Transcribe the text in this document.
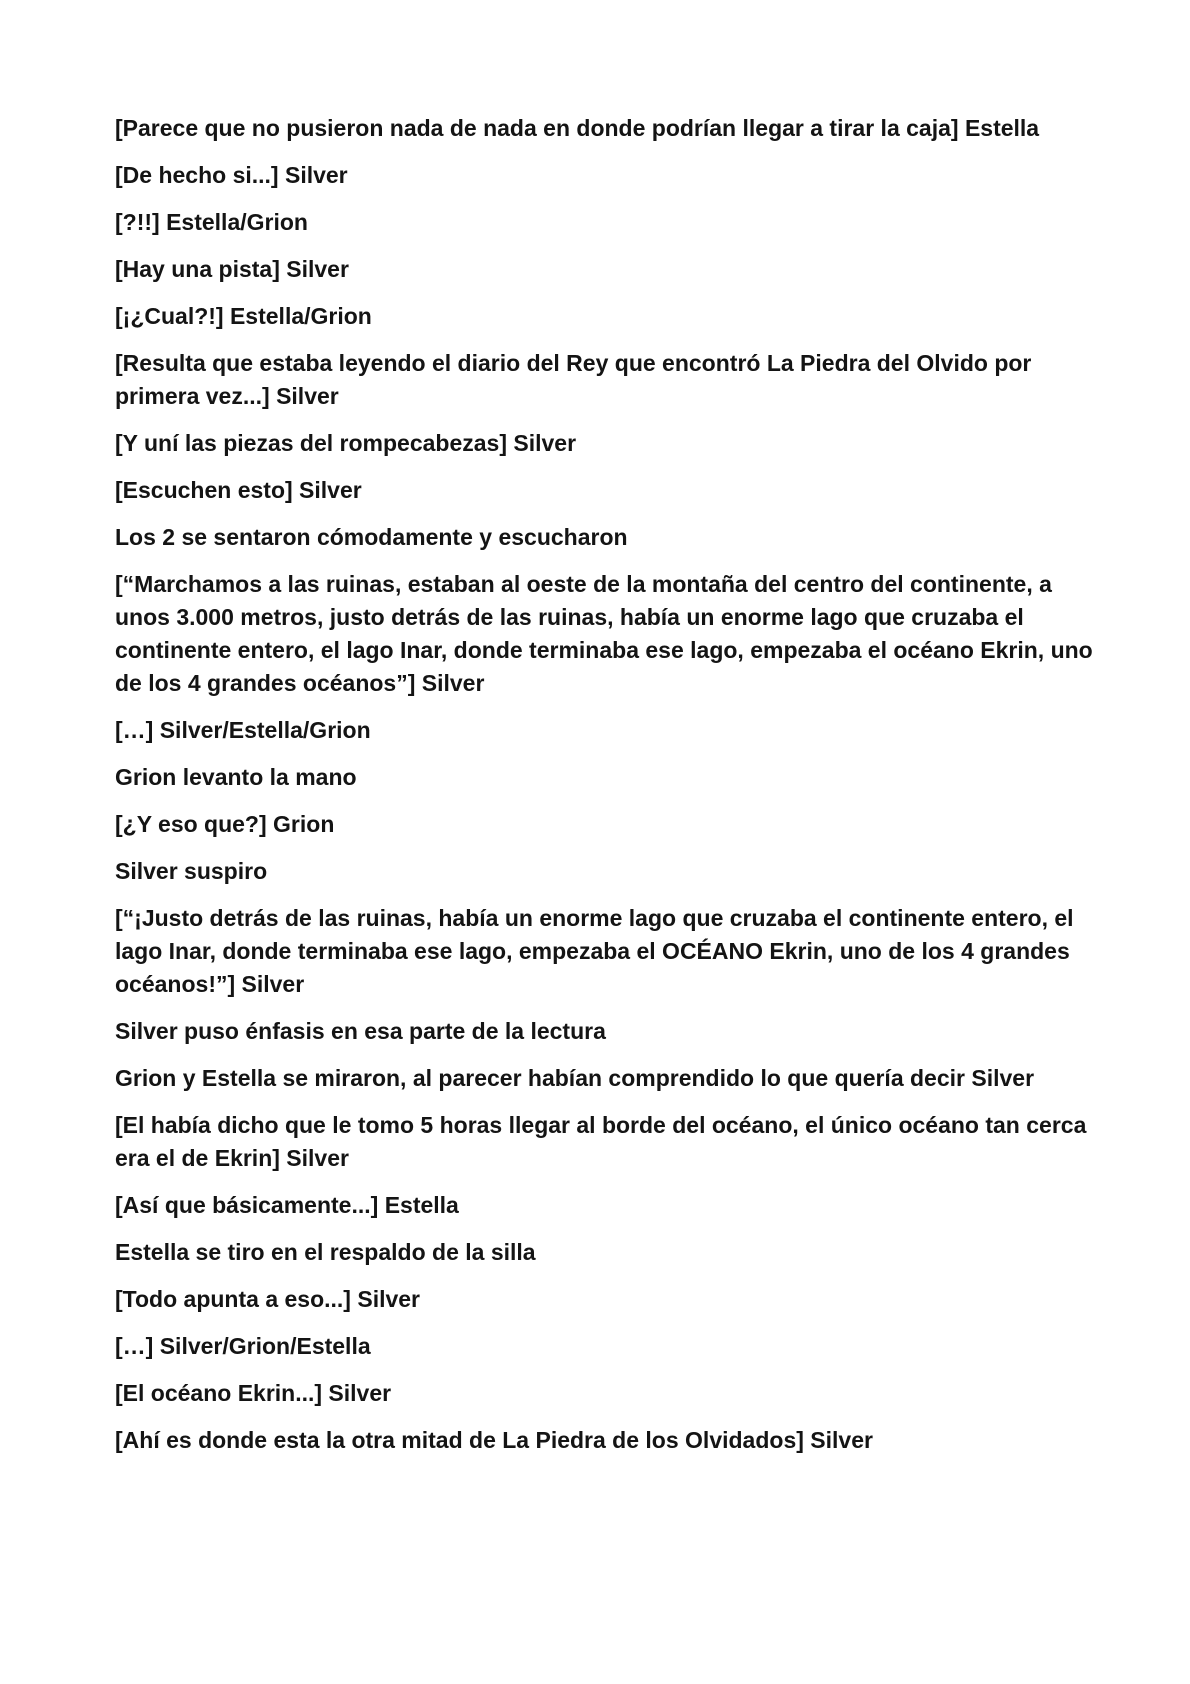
[Parece que no pusieron nada de nada en donde podrían llegar a tirar la caja] Estella

[De hecho si...] Silver

[?!!] Estella/Grion

[Hay una pista] Silver

[¡¿Cual?!] Estella/Grion

[Resulta que estaba leyendo el diario del Rey que encontró La Piedra del Olvido por primera vez...] Silver

[Y uní las piezas del rompecabezas] Silver

[Escuchen esto] Silver

Los 2 se sentaron cómodamente y escucharon

[“Marchamos a las ruinas, estaban al oeste de la montaña del centro del continente, a unos 3.000 metros, justo detrás de las ruinas, había un enorme lago que cruzaba el continente entero, el lago Inar, donde terminaba ese lago, empezaba el océano Ekrin, uno de los 4 grandes océanos”] Silver

[…] Silver/Estella/Grion

Grion levanto la mano

[¿Y eso que?] Grion

Silver suspiro

[“¡Justo detrás de las ruinas, había un enorme lago que cruzaba el continente entero, el lago Inar, donde terminaba ese lago, empezaba el OCÉANO Ekrin, uno de los 4 grandes océanos!”] Silver

Silver puso énfasis en esa parte de la lectura

Grion y Estella se miraron, al parecer habían comprendido lo que quería decir Silver

[El había dicho que le tomo 5 horas llegar al borde del océano, el único océano tan cerca era el de Ekrin] Silver

[Así que básicamente...] Estella

Estella se tiro en el respaldo de la silla

[Todo apunta a eso...] Silver

[…] Silver/Grion/Estella

[El océano Ekrin...] Silver

[Ahí es donde esta la otra mitad de La Piedra de los Olvidados] Silver
